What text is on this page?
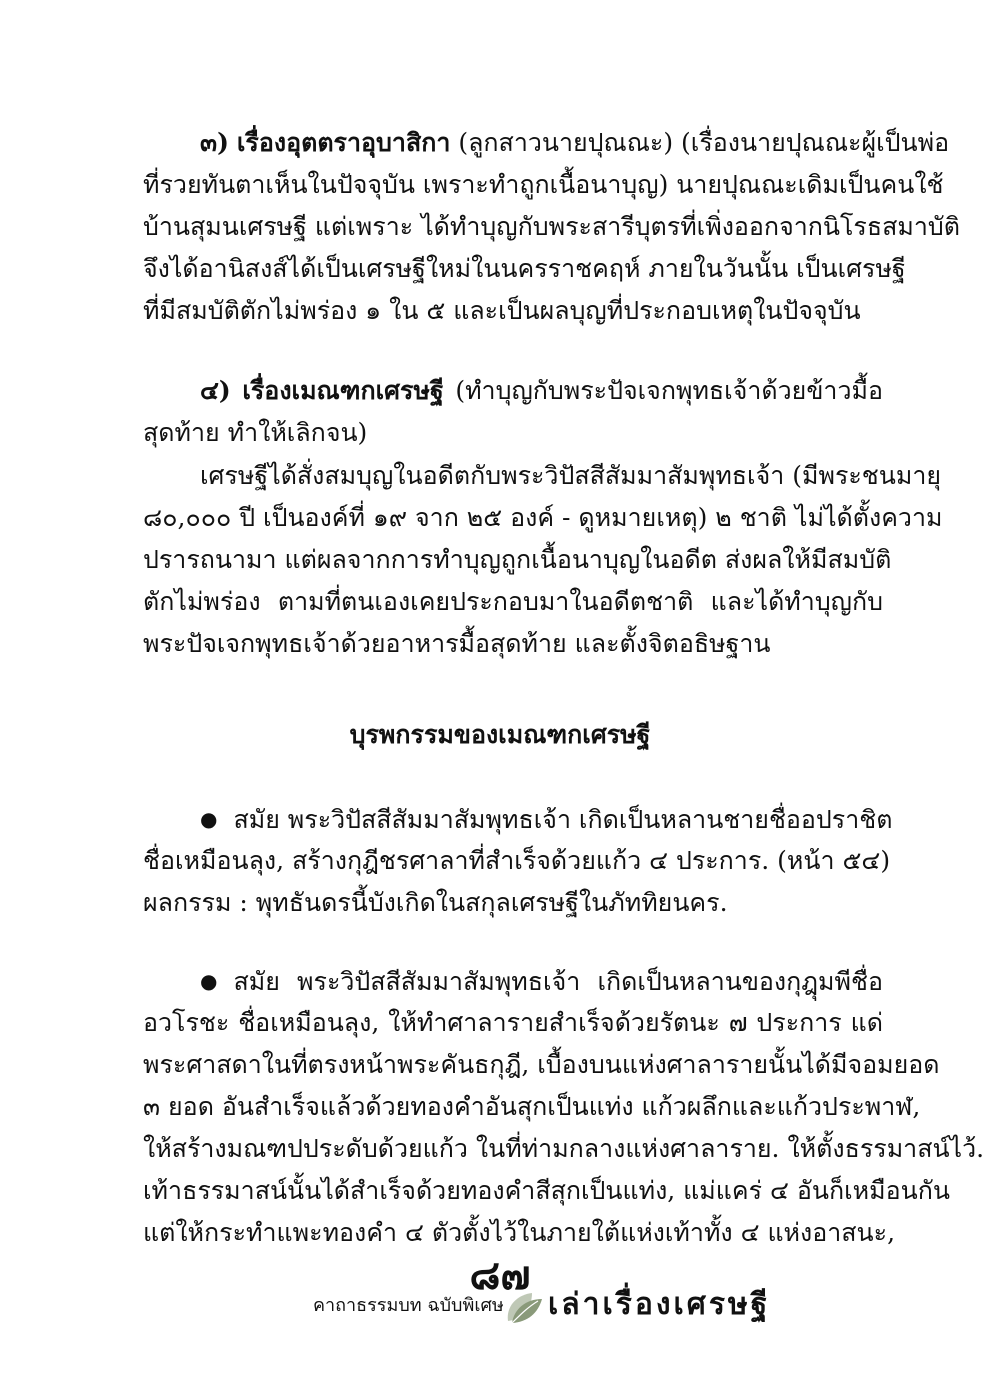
๓) เรื่องอุตตราอุบาสิกา (ลูกสาวนายปุณณะ) (เรื่องนายปุณณะผู้เป็นพ่อ
ที่รวยทันตาเห็นในปัจจุบัน เพราะทำถูกเนื้อนาบุญ) นายปุณณะเดิมเป็นคนใช้
บ้านสุมนเศรษฐี แต่เพราะ ได้ทำบุญกับพระสารีบุตรที่เพิ่งออกจากนิโรธสมาบัติ
จึงได้อานิสงส์ได้เป็นเศรษฐีใหม่ในนครราชคฤห์ ภายในวันนั้น เป็นเศรษฐี
ที่มีสมบัติตักไม่พร่อง ๑ ใน ๕ และเป็นผลบุญที่ประกอบเหตุในปัจจุบัน
๔) เรื่องเมณฑกเศรษฐี (ทำบุญกับพระปัจเจกพุทธเจ้าด้วยข้าวมื้อ
สุดท้าย ทำให้เลิกจน)
เศรษฐีได้สั่งสมบุญในอดีตกับพระวิปัสสีสัมมาสัมพุทธเจ้า (มีพระชนมายุ
๘๐,๐๐๐ ปี เป็นองค์ที่ ๑๙ จาก ๒๕ องค์ - ดูหมายเหตุ) ๒ ชาติ ไม่ได้ตั้งความ
ปรารถนามา แต่ผลจากการทำบุญถูกเนื้อนาบุญในอดีต ส่งผลให้มีสมบัติ
ตักไม่พร่อง ตามที่ตนเองเคยประกอบมาในอดีตชาติ และได้ทำบุญกับ
พระปัจเจกพุทธเจ้าด้วยอาหารมื้อสุดท้าย และตั้งจิตอธิษฐาน
บุรพกรรมของเมณฑกเศรษฐี
● สมัย พระวิปัสสีสัมมาสัมพุทธเจ้า เกิดเป็นหลานชายชื่ออปราชิต
ชื่อเหมือนลุง, สร้างกุฎีชรศาลาที่สำเร็จด้วยแก้ว ๔ ประการ. (หน้า ๕๔)
ผลกรรม : พุทธันดรนี้บังเกิดในสกุลเศรษฐีในภัททิยนคร.
● สมัย พระวิปัสสีสัมมาสัมพุทธเจ้า เกิดเป็นหลานของกุฎุมพีชื่อ
อวโรชะ ชื่อเหมือนลุง, ให้ทำศาลารายสำเร็จด้วยรัตนะ ๗ ประการ แด่
พระศาสดาในที่ตรงหน้าพระคันธกุฎี, เบื้องบนแห่งศาลารายนั้นได้มีจอมยอด
๓ ยอด อันสำเร็จแล้วด้วยทองคำอันสุกเป็นแท่ง แก้วผลึกและแก้วประพาฬ,
ให้สร้างมณฑปประดับด้วยแก้ว ในที่ท่ามกลางแห่งศาลาราย. ให้ตั้งธรรมาสน์ไว้.
เท้าธรรมาสน์นั้นได้สำเร็จด้วยทองคำสีสุกเป็นแท่ง, แม่แคร่ ๔ อันก็เหมือนกัน
แต่ให้กระทำแพะทองคำ ๔ ตัวตั้งไว้ในภายใต้แห่งเท้าทั้ง ๔ แห่งอาสนะ,
๘๗
คาถาธรรมบท ฉบับพิเศษ เล่าเรื่องเศรษฐี
